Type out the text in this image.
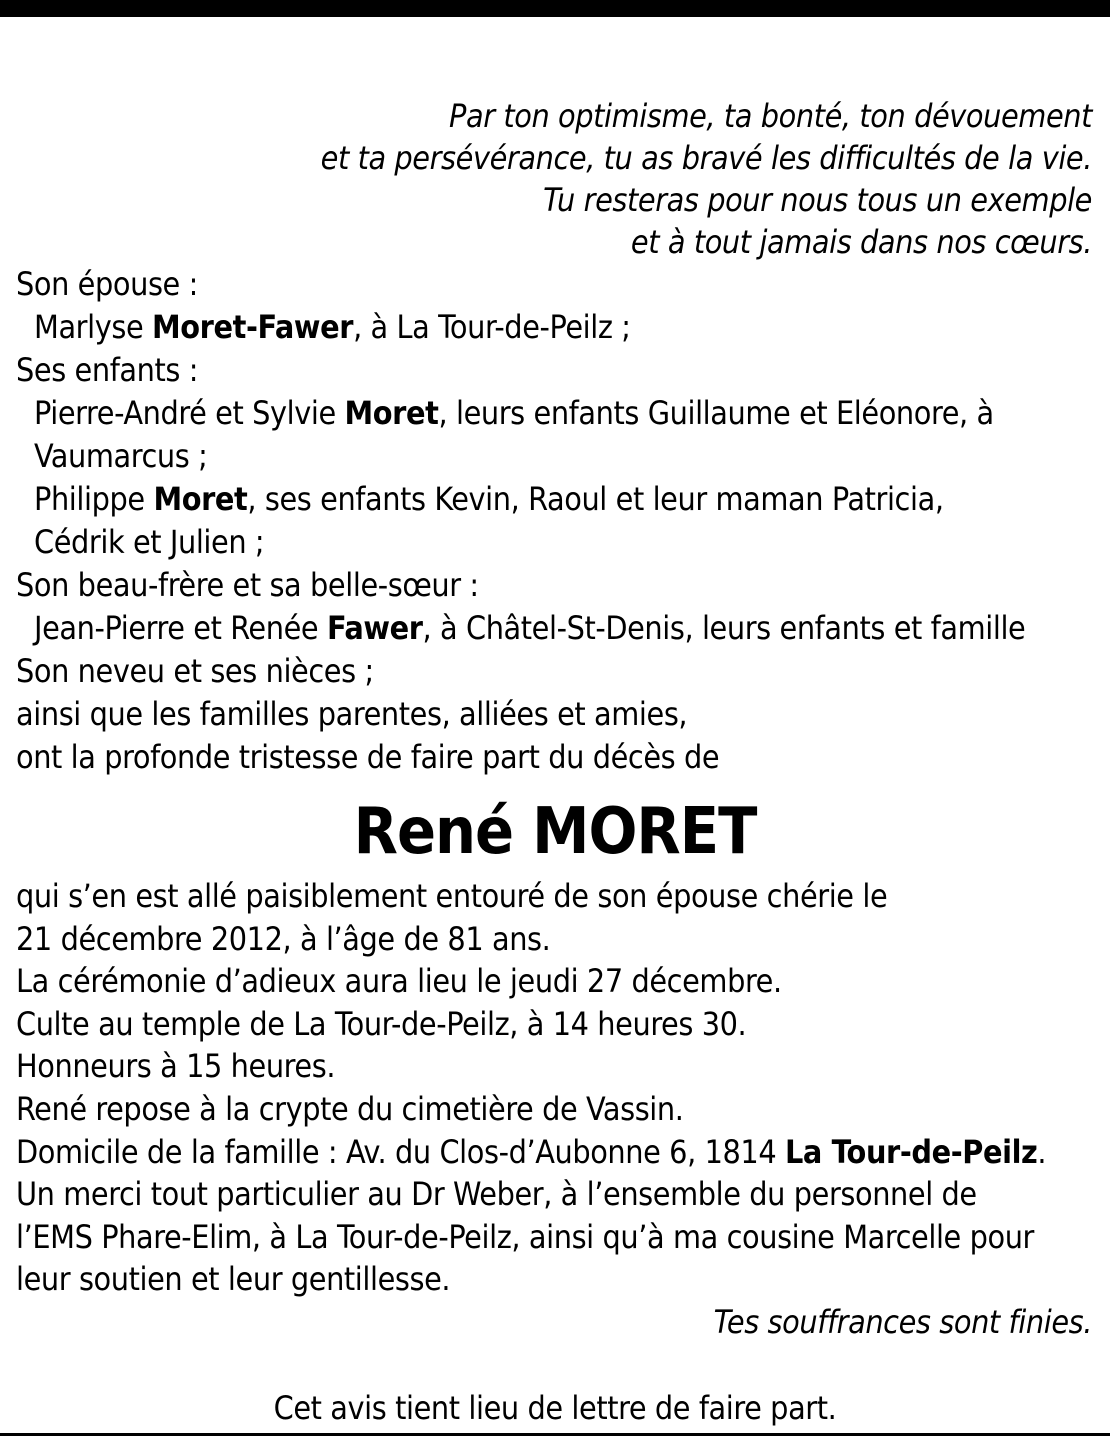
Par ton optimisme, ta bonté, ton dévouement
et ta persévérance, tu as bravé les difficultés de la vie.
Tu resteras pour nous tous un exemple
et à tout jamais dans nos cœurs.
Son épouse :
Marlyse Moret-Fawer, à La Tour-de-Peilz ;
Ses enfants :
Pierre-André et Sylvie Moret, leurs enfants Guillaume et Eléonore, à
Vaumarcus ;
Philippe Moret, ses enfants Kevin, Raoul et leur maman Patricia,
Cédrik et Julien ;
Son beau-frère et sa belle-sœur :
Jean-Pierre et Renée Fawer, à Châtel-St-Denis, leurs enfants et famille
Son neveu et ses nièces ;
ainsi que les familles parentes, alliées et amies,
ont la profonde tristesse de faire part du décès de
René MORET
qui s’en est allé paisiblement entouré de son épouse chérie le
21 décembre 2012, à l’âge de 81 ans.
La cérémonie d’adieux aura lieu le jeudi 27 décembre.
Culte au temple de La Tour-de-Peilz, à 14 heures 30.
Honneurs à 15 heures.
René repose à la crypte du cimetière de Vassin.
Domicile de la famille : Av. du Clos-d’Aubonne 6, 1814 La Tour-de-Peilz.
Un merci tout particulier au Dr Weber, à l’ensemble du personnel de
l’EMS Phare-Elim, à La Tour-de-Peilz, ainsi qu’à ma cousine Marcelle pour
leur soutien et leur gentillesse.
Tes souffrances sont finies.
Cet avis tient lieu de lettre de faire part.
